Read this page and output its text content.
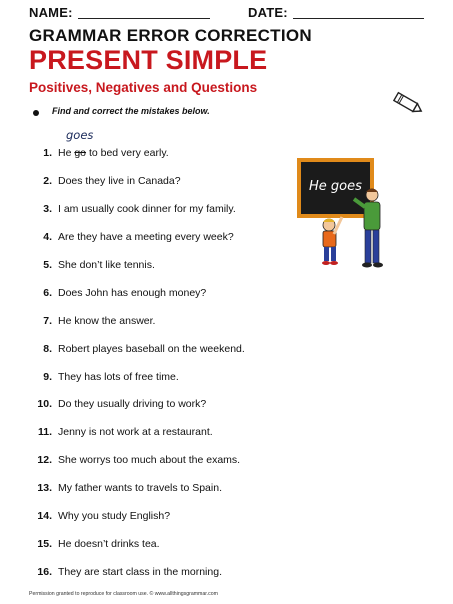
NAME:	DATE:
GRAMMAR ERROR CORRECTION
PRESENT SIMPLE
Positives, Negatives and Questions
Find and correct the mistakes below.
goes
1. He go to bed very early.
2. Does they live in Canada?
3. I am usually cook dinner for my family.
4. Are they have a meeting every week?
5. She don’t like tennis.
6. Does John has enough money?
7. He know the answer.
8. Robert playes baseball on the weekend.
9. They has lots of free time.
10. Do they usually driving to work?
11. Jenny is not work at a restaurant.
12. She worrys too much about the exams.
13. My father wants to travels to Spain.
14. Why you study English?
15. He doesn’t drinks tea.
16. They are start class in the morning.
He goes
Permission granted to reproduce for classroom use. © www.allthingsgrammar.com
